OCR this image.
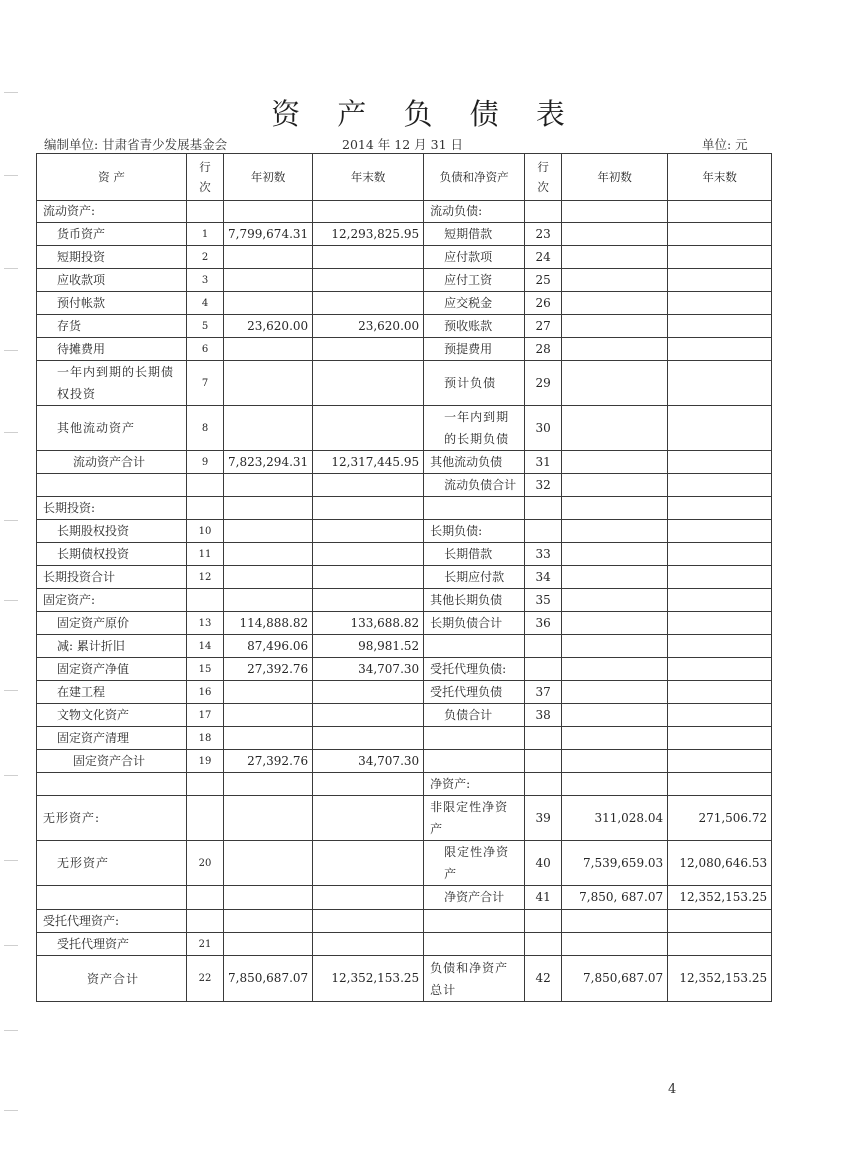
资 产 负 债 表
编制单位: 甘肃省青少发展基金会	2014 年 12 月 31 日	单位: 元
资 产	行次	年初数	年末数	负债和净资产	行次	年初数	年末数
流动资产:				流动负债:			
货币资产	1	7,799,674.31	12,293,825.95	短期借款	23		
短期投资	2			应付款项	24		
应收款项	3			应付工资	25		
预付帐款	4			应交税金	26		
存货	5	23,620.00	23,620.00	预收账款	27		
待摊费用	6			预提费用	28		
一年内到期的长期债权投资	7			预计负债	29		
其他流动资产	8			一年内到期的长期负债	30		
流动资产合计	9	7,823,294.31	12,317,445.95	其他流动负债	31		
				流动负债合计	32		
长期投资:							
长期股权投资	10			长期负债:			
长期债权投资	11			长期借款	33		
长期投资合计	12			长期应付款	34		
固定资产:				其他长期负债	35		
固定资产原价	13	114,888.82	133,688.82	长期负债合计	36		
减: 累计折旧	14	87,496.06	98,981.52				
固定资产净值	15	27,392.76	34,707.30	受托代理负债:			
在建工程	16			受托代理负债	37		
文物文化资产	17			负债合计	38		
固定资产清理	18						
固定资产合计	19	27,392.76	34,707.30				
				净资产:			
无形资产:				非限定性净资产	39	311,028.04	271,506.72
无形资产	20			限定性净资产	40	7,539,659.03	12,080,646.53
				净资产合计	41	7,850, 687.07	12,352,153.25
受托代理资产:							
受托代理资产	21						
资产合计	22	7,850,687.07	12,352,153.25	负债和净资产总计	42	7,850,687.07	12,352,153.25
4
